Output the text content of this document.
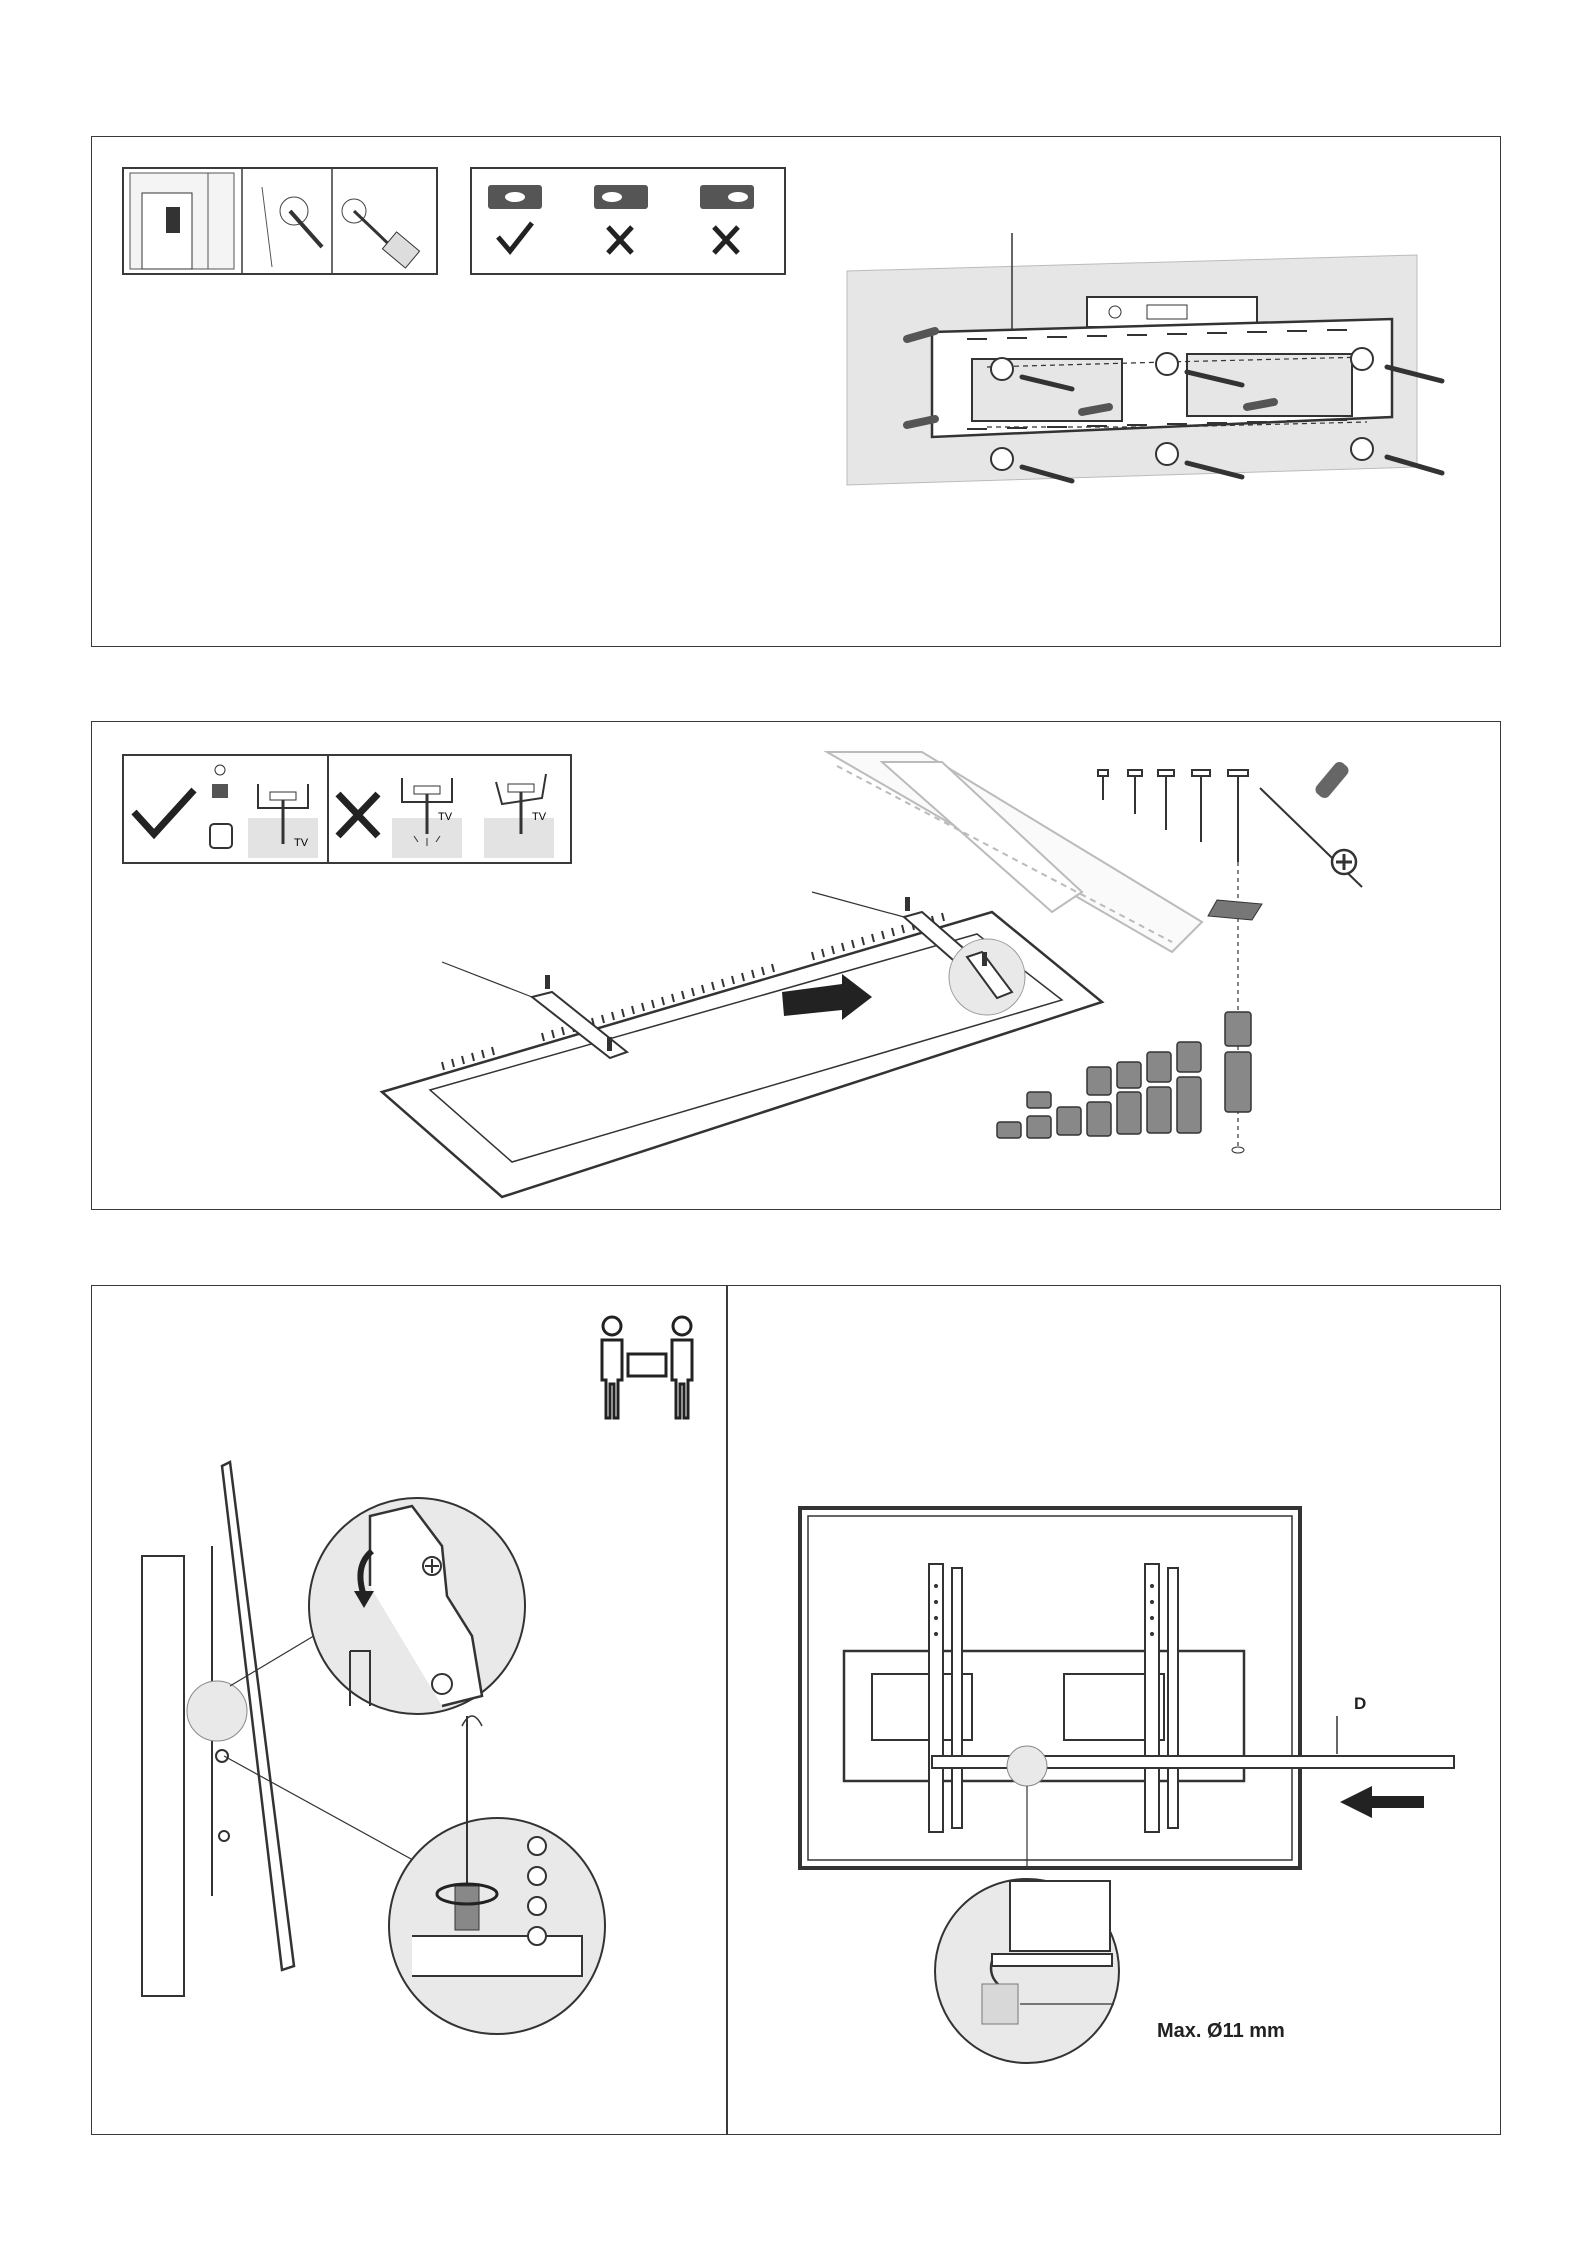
TV
TV	TV
D
Max. Ø11 mm
